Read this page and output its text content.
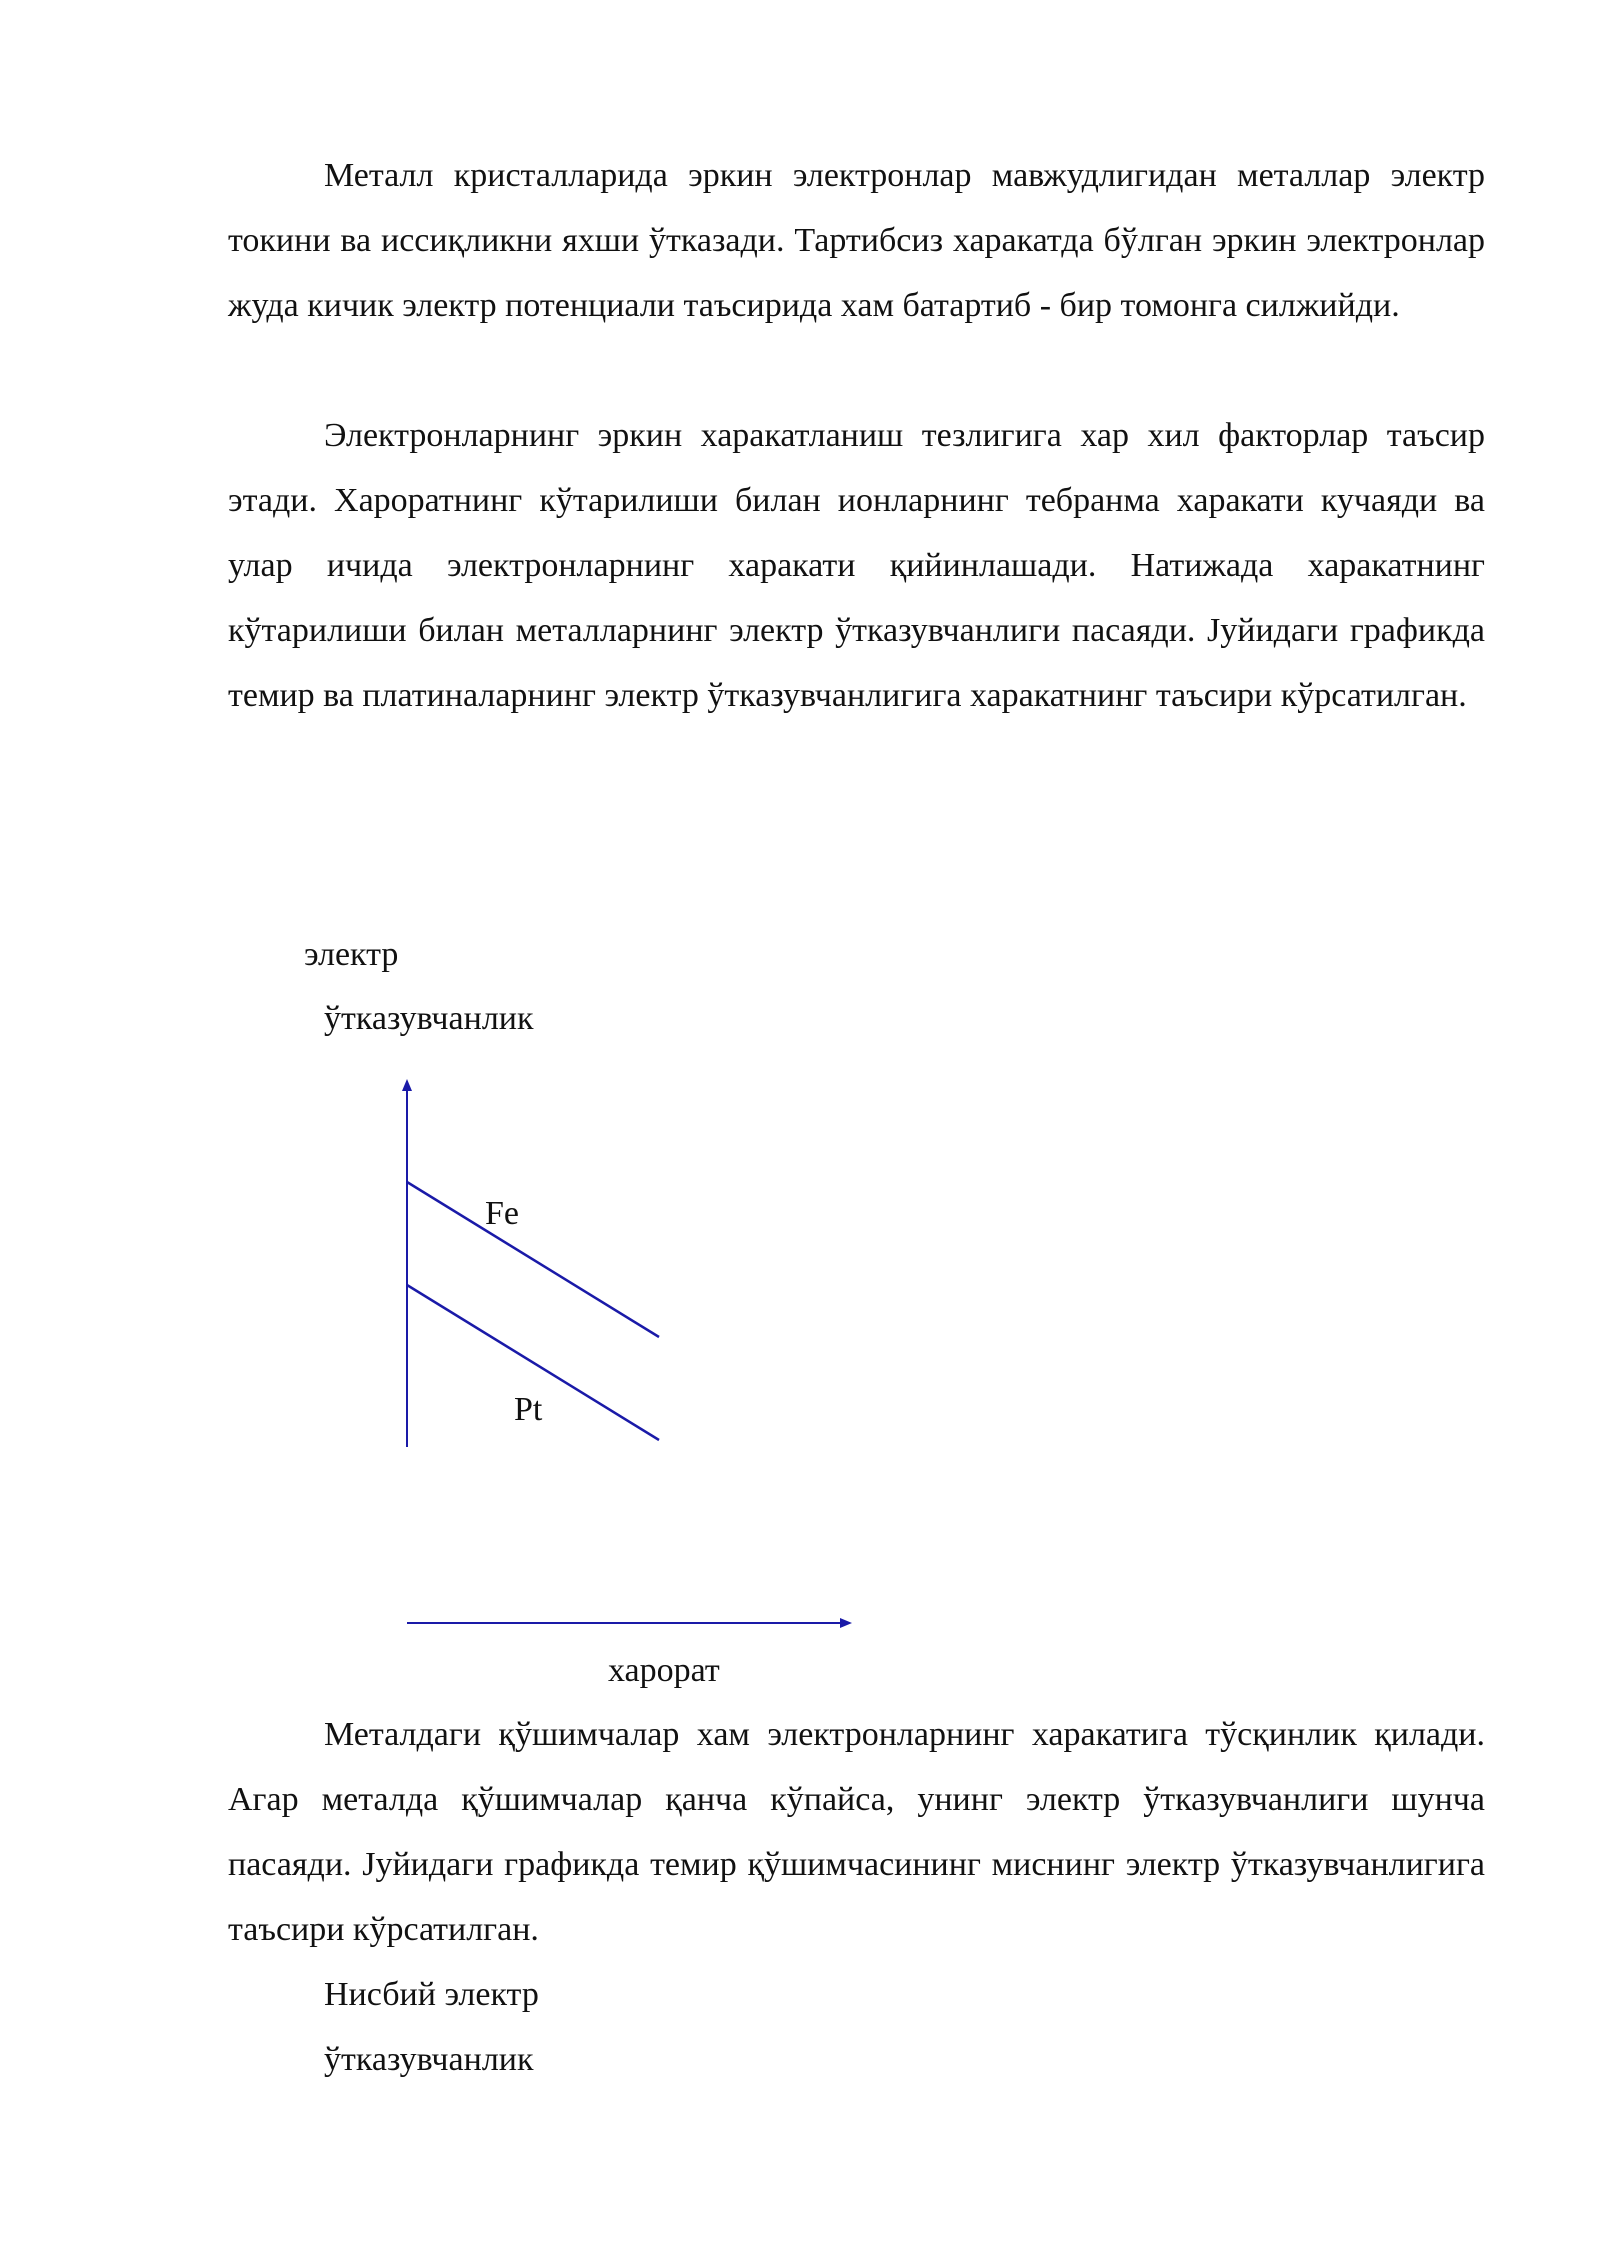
Металл кристалларида эркин электронлар мавжудлигидан металлар электр токини ва иссиқликни яхши ўтказади. Тартибсиз харакатда бўлган эркин электронлар жуда кичик электр потенциали таъсирида хам батартиб - бир томонга силжийди.

Электронларнинг эркин харакатланиш тезлигига хар хил факторлар таъсир этади. Хароратнинг кўтарилиши билан ионларнинг тебранма харакати кучаяди ва улар ичида электронларнинг харакати қийинлашади. Натижада харакатнинг кўтарилиши билан металларнинг электр ўтказувчанлиги пасаяди. Јуйидаги графикда темир ва платиналарнинг электр ўтказувчанлигига харакатнинг таъсири кўрсатилган.

электр
ўтказувчанлик
Fe
Pt
харорат

Металдаги қўшимчалар хам электронларнинг харакатига тўсқинлик қилади. Агар металда қўшимчалар қанча кўпайса, унинг электр ўтказувчанлиги шунча пасаяди. Јуйидаги графикда темир қўшимчасининг миснинг электр ўтказувчанлигига таъсири кўрсатилган.

Нисбий электр
ўтказувчанлик
